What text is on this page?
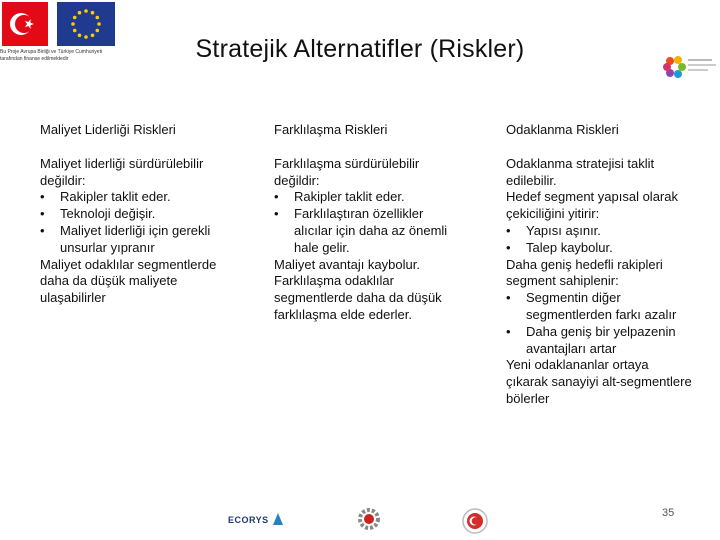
Bu Proje Avrupa Birliği ve Türkiye Cumhuriyeti
tarafından finanse edilmektedir	Stratejik Alternatifler (Riskler)
Maliyet Liderliği Riskleri
Maliyet liderliği sürdürülebilir
değildir:
• Rakipler taklit eder.
• Teknoloji değişir.
• Maliyet liderliği için gerekli
unsurlar yıpranır
Maliyet odaklılar segmentlerde
daha da düşük maliyete
ulaşabilirler
Farklılaşma Riskleri
Farklılaşma sürdürülebilir
değildir:
• Rakipler taklit eder.
• Farklılaştıran özellikler
alıcılar için daha az önemli
hale gelir.
Maliyet avantajı kaybolur.
Farklılaşma odaklılar
segmentlerde daha da düşük
farklılaşma elde ederler.
Odaklanma Riskleri
Odaklanma stratejisi taklit
edilebilir.
Hedef segment yapısal olarak
çekiciliğini yitirir:
• Yapısı aşınır.
• Talep kaybolur.
Daha geniş hedefli rakipleri
segment sahiplenir:
• Segmentin diğer
segmentlerden farkı azalır
• Daha geniş bir yelpazenin
avantajları artar
Yeni odaklananlar ortaya
çıkarak sanayiyi alt-segmentlere
bölerler
ECORYS
35
